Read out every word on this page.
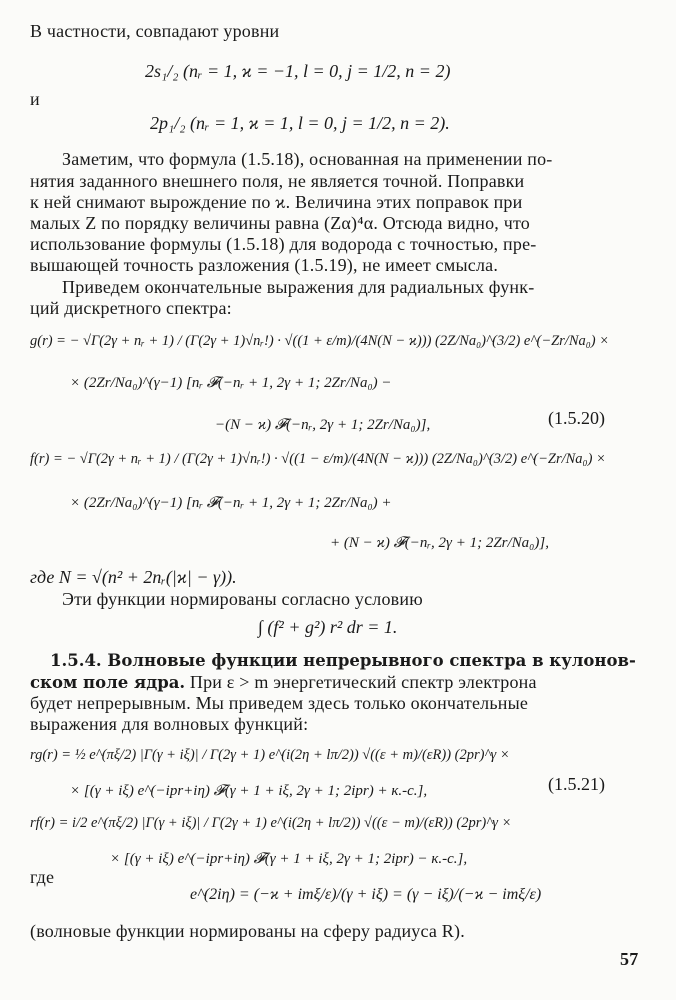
В частности, совпадают уровни
2s₁/₂ (nᵣ = 1, ϰ = −1, l = 0, j = 1/2, n = 2)
и
2p₁/₂ (nᵣ = 1, ϰ = 1, l = 0, j = 1/2, n = 2).
Заметим, что формула (1.5.18), основанная на применении по-
нятия заданного внешнего поля, не является точной. Поправки
к ней снимают вырождение по ϰ. Величина этих поправок при
малых Z по порядку величины равна (Zα)⁴α. Отсюда видно, что
использование формулы (1.5.18) для водорода с точностью, пре-
вышающей точность разложения (1.5.19), не имеет смысла.
Приведем окончательные выражения для радиальных функ-
ций дискретного спектра:
g(r) = − √Γ(2γ + nᵣ + 1) / (Γ(2γ + 1)√nᵣ!) · √((1 + ε/m)/(4N(N − ϰ))) (2Z/Na₀)^(3/2) e^(−Zr/Na₀) ×
× (2Zr/Na₀)^(γ−1) [nᵣ 𝓕(−nᵣ + 1, 2γ + 1; 2Zr/Na₀) −
−(N − ϰ) 𝓕(−nᵣ, 2γ + 1; 2Zr/Na₀)],	(1.5.20)
f(r) = − √Γ(2γ + nᵣ + 1) / (Γ(2γ + 1)√nᵣ!) · √((1 − ε/m)/(4N(N − ϰ))) (2Z/Na₀)^(3/2) e^(−Zr/Na₀) ×
× (2Zr/Na₀)^(γ−1) [nᵣ 𝓕(−nᵣ + 1, 2γ + 1; 2Zr/Na₀) +
+ (N − ϰ) 𝓕(−nᵣ, 2γ + 1; 2Zr/Na₀)],
где N = √(n² + 2nᵣ(|ϰ| − γ)).
Эти функции нормированы согласно условию
∫ (f² + g²) r² dr = 1.
1.5.4. Волновые функции непрерывного спектра в кулонов-
ском поле ядра. При ε > m энергетический спектр электрона
будет непрерывным. Мы приведем здесь только окончательные
выражения для волновых функций:
rg(r) = ½ e^(πξ/2) |Γ(γ + iξ)| / Γ(2γ + 1) e^(i(2η + lπ/2)) √((ε + m)/(εR)) (2pr)^γ ×
× [(γ + iξ) e^(−ipr+iη) 𝓕(γ + 1 + iξ, 2γ + 1; 2ipr) + к.-с.],	(1.5.21)
rf(r) = i/2 e^(πξ/2) |Γ(γ + iξ)| / Γ(2γ + 1) e^(i(2η + lπ/2)) √((ε − m)/(εR)) (2pr)^γ ×
× [(γ + iξ) e^(−ipr+iη) 𝓕(γ + 1 + iξ, 2γ + 1; 2ipr) − к.-с.],
где
e^(2iη) = (−ϰ + imξ/ε)/(γ + iξ) = (γ − iξ)/(−ϰ − imξ/ε)
(волновые функции нормированы на сферу радиуса R).
57
